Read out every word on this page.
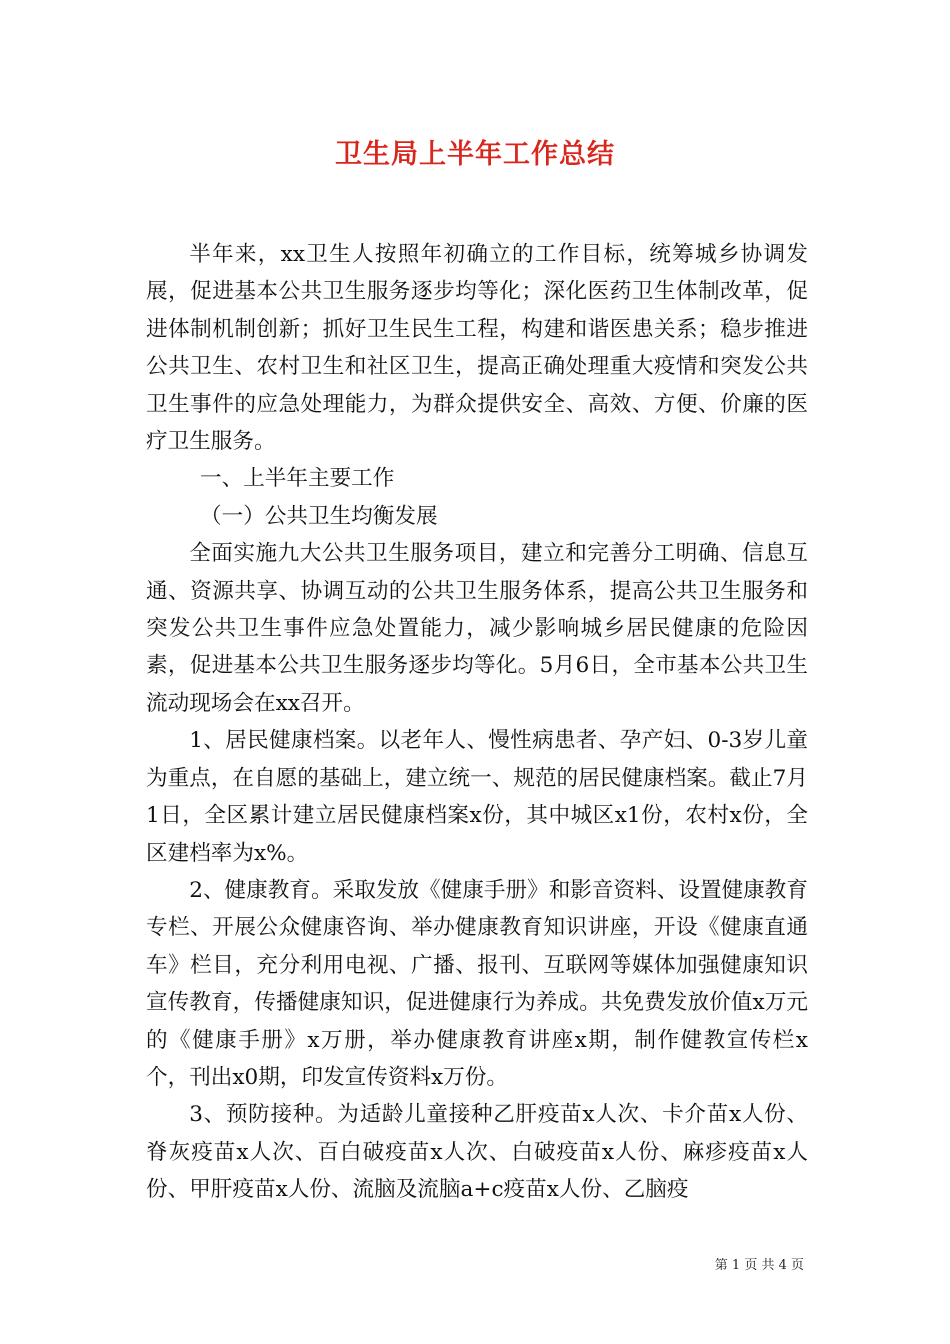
卫生局上半年工作总结

半年来，xx卫生人按照年初确立的工作目标，统筹城乡协调发展，促进基本公共卫生服务逐步均等化；深化医药卫生体制改革，促进体制机制创新；抓好卫生民生工程，构建和谐医患关系；稳步推进公共卫生、农村卫生和社区卫生，提高正确处理重大疫情和突发公共卫生事件的应急处理能力，为群众提供安全、高效、方便、价廉的医疗卫生服务。

一、上半年主要工作

（一）公共卫生均衡发展

全面实施九大公共卫生服务项目，建立和完善分工明确、信息互通、资源共享、协调互动的公共卫生服务体系，提高公共卫生服务和突发公共卫生事件应急处置能力，减少影响城乡居民健康的危险因素，促进基本公共卫生服务逐步均等化。5月6日，全市基本公共卫生流动现场会在xx召开。

1、居民健康档案。以老年人、慢性病患者、孕产妇、0-3岁儿童为重点，在自愿的基础上，建立统一、规范的居民健康档案。截止7月1日，全区累计建立居民健康档案x份，其中城区x1份，农村x份，全区建档率为x%。

2、健康教育。采取发放《健康手册》和影音资料、设置健康教育专栏、开展公众健康咨询、举办健康教育知识讲座，开设《健康直通车》栏目，充分利用电视、广播、报刊、互联网等媒体加强健康知识宣传教育，传播健康知识，促进健康行为养成。共免费发放价值x万元的《健康手册》x万册，举办健康教育讲座x期，制作健教宣传栏x个，刊出x0期，印发宣传资料x万份。

3、预防接种。为适龄儿童接种乙肝疫苗x人次、卡介苗x人份、脊灰疫苗x人次、百白破疫苗x人次、白破疫苗x人份、麻疹疫苗x人份、甲肝疫苗x人份、流脑及流脑a+c疫苗x人份、乙脑疫

第 1 页 共 4 页
